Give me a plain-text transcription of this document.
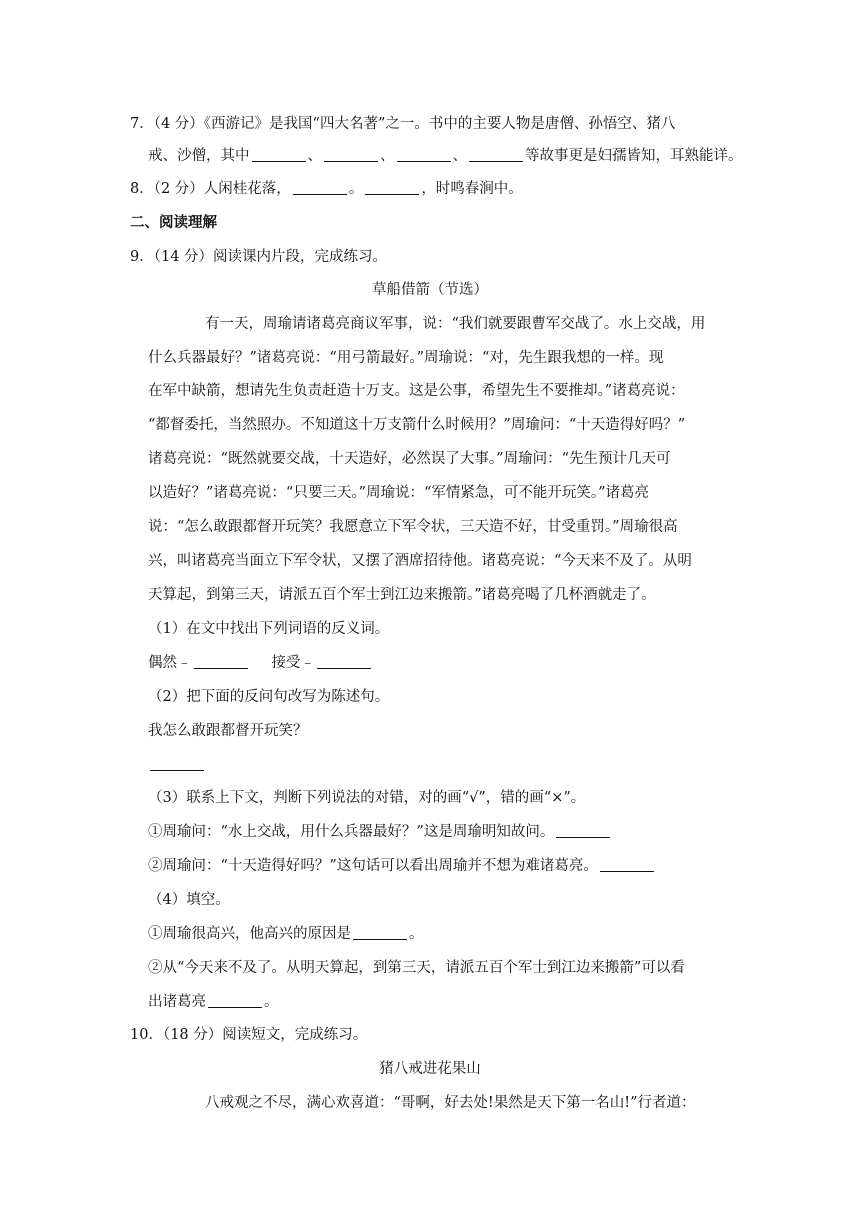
7．（4 分）《西游记》是我国“四大名著”之一。书中的主要人物是唐僧、孙悟空、猪八
戒、沙僧，其中	、	、	、	等故事更是妇孺皆知，耳熟能详。
8．（2 分）人闲桂花落，	。	，时鸣春涧中。
二、阅读理解
9．（14 分）阅读课内片段，完成练习。
草船借箭（节选）
有一天，周瑜请诸葛亮商议军事，说：“我们就要跟曹军交战了。水上交战，用
什么兵器最好？”诸葛亮说：“用弓箭最好。”周瑜说：“对，先生跟我想的一样。现
在军中缺箭，想请先生负责赶造十万支。这是公事，希望先生不要推却。”诸葛亮说：
“都督委托，当然照办。不知道这十万支箭什么时候用？”周瑜问：“十天造得好吗？”
诸葛亮说：“既然就要交战，十天造好，必然误了大事。”周瑜问：“先生预计几天可
以造好？”诸葛亮说：“只要三天。”周瑜说：“军情紧急，可不能开玩笑。”诸葛亮
说：“怎么敢跟都督开玩笑？我愿意立下军令状，三天造不好，甘受重罚。”周瑜很高
兴，叫诸葛亮当面立下军令状，又摆了酒席招待他。诸葛亮说：“今天来不及了。从明
天算起，到第三天，请派五百个军士到江边来搬箭。”诸葛亮喝了几杯酒就走了。
（1）在文中找出下列词语的反义词。
偶然﹣	接受﹣
（2）把下面的反问句改写为陈述句。
我怎么敢跟都督开玩笑？
（3）联系上下文，判断下列说法的对错，对的画“√”，错的画“×”。
①周瑜问：“水上交战，用什么兵器最好？”这是周瑜明知故问。
②周瑜问：“十天造得好吗？”这句话可以看出周瑜并不想为难诸葛亮。
（4）填空。
①周瑜很高兴，他高兴的原因是	。
②从“今天来不及了。从明天算起，到第三天，请派五百个军士到江边来搬箭”可以看
出诸葛亮	。
10．（18 分）阅读短文，完成练习。
猪八戒进花果山
八戒观之不尽，满心欢喜道：“哥啊，好去处!果然是天下第一名山!”行者道：
